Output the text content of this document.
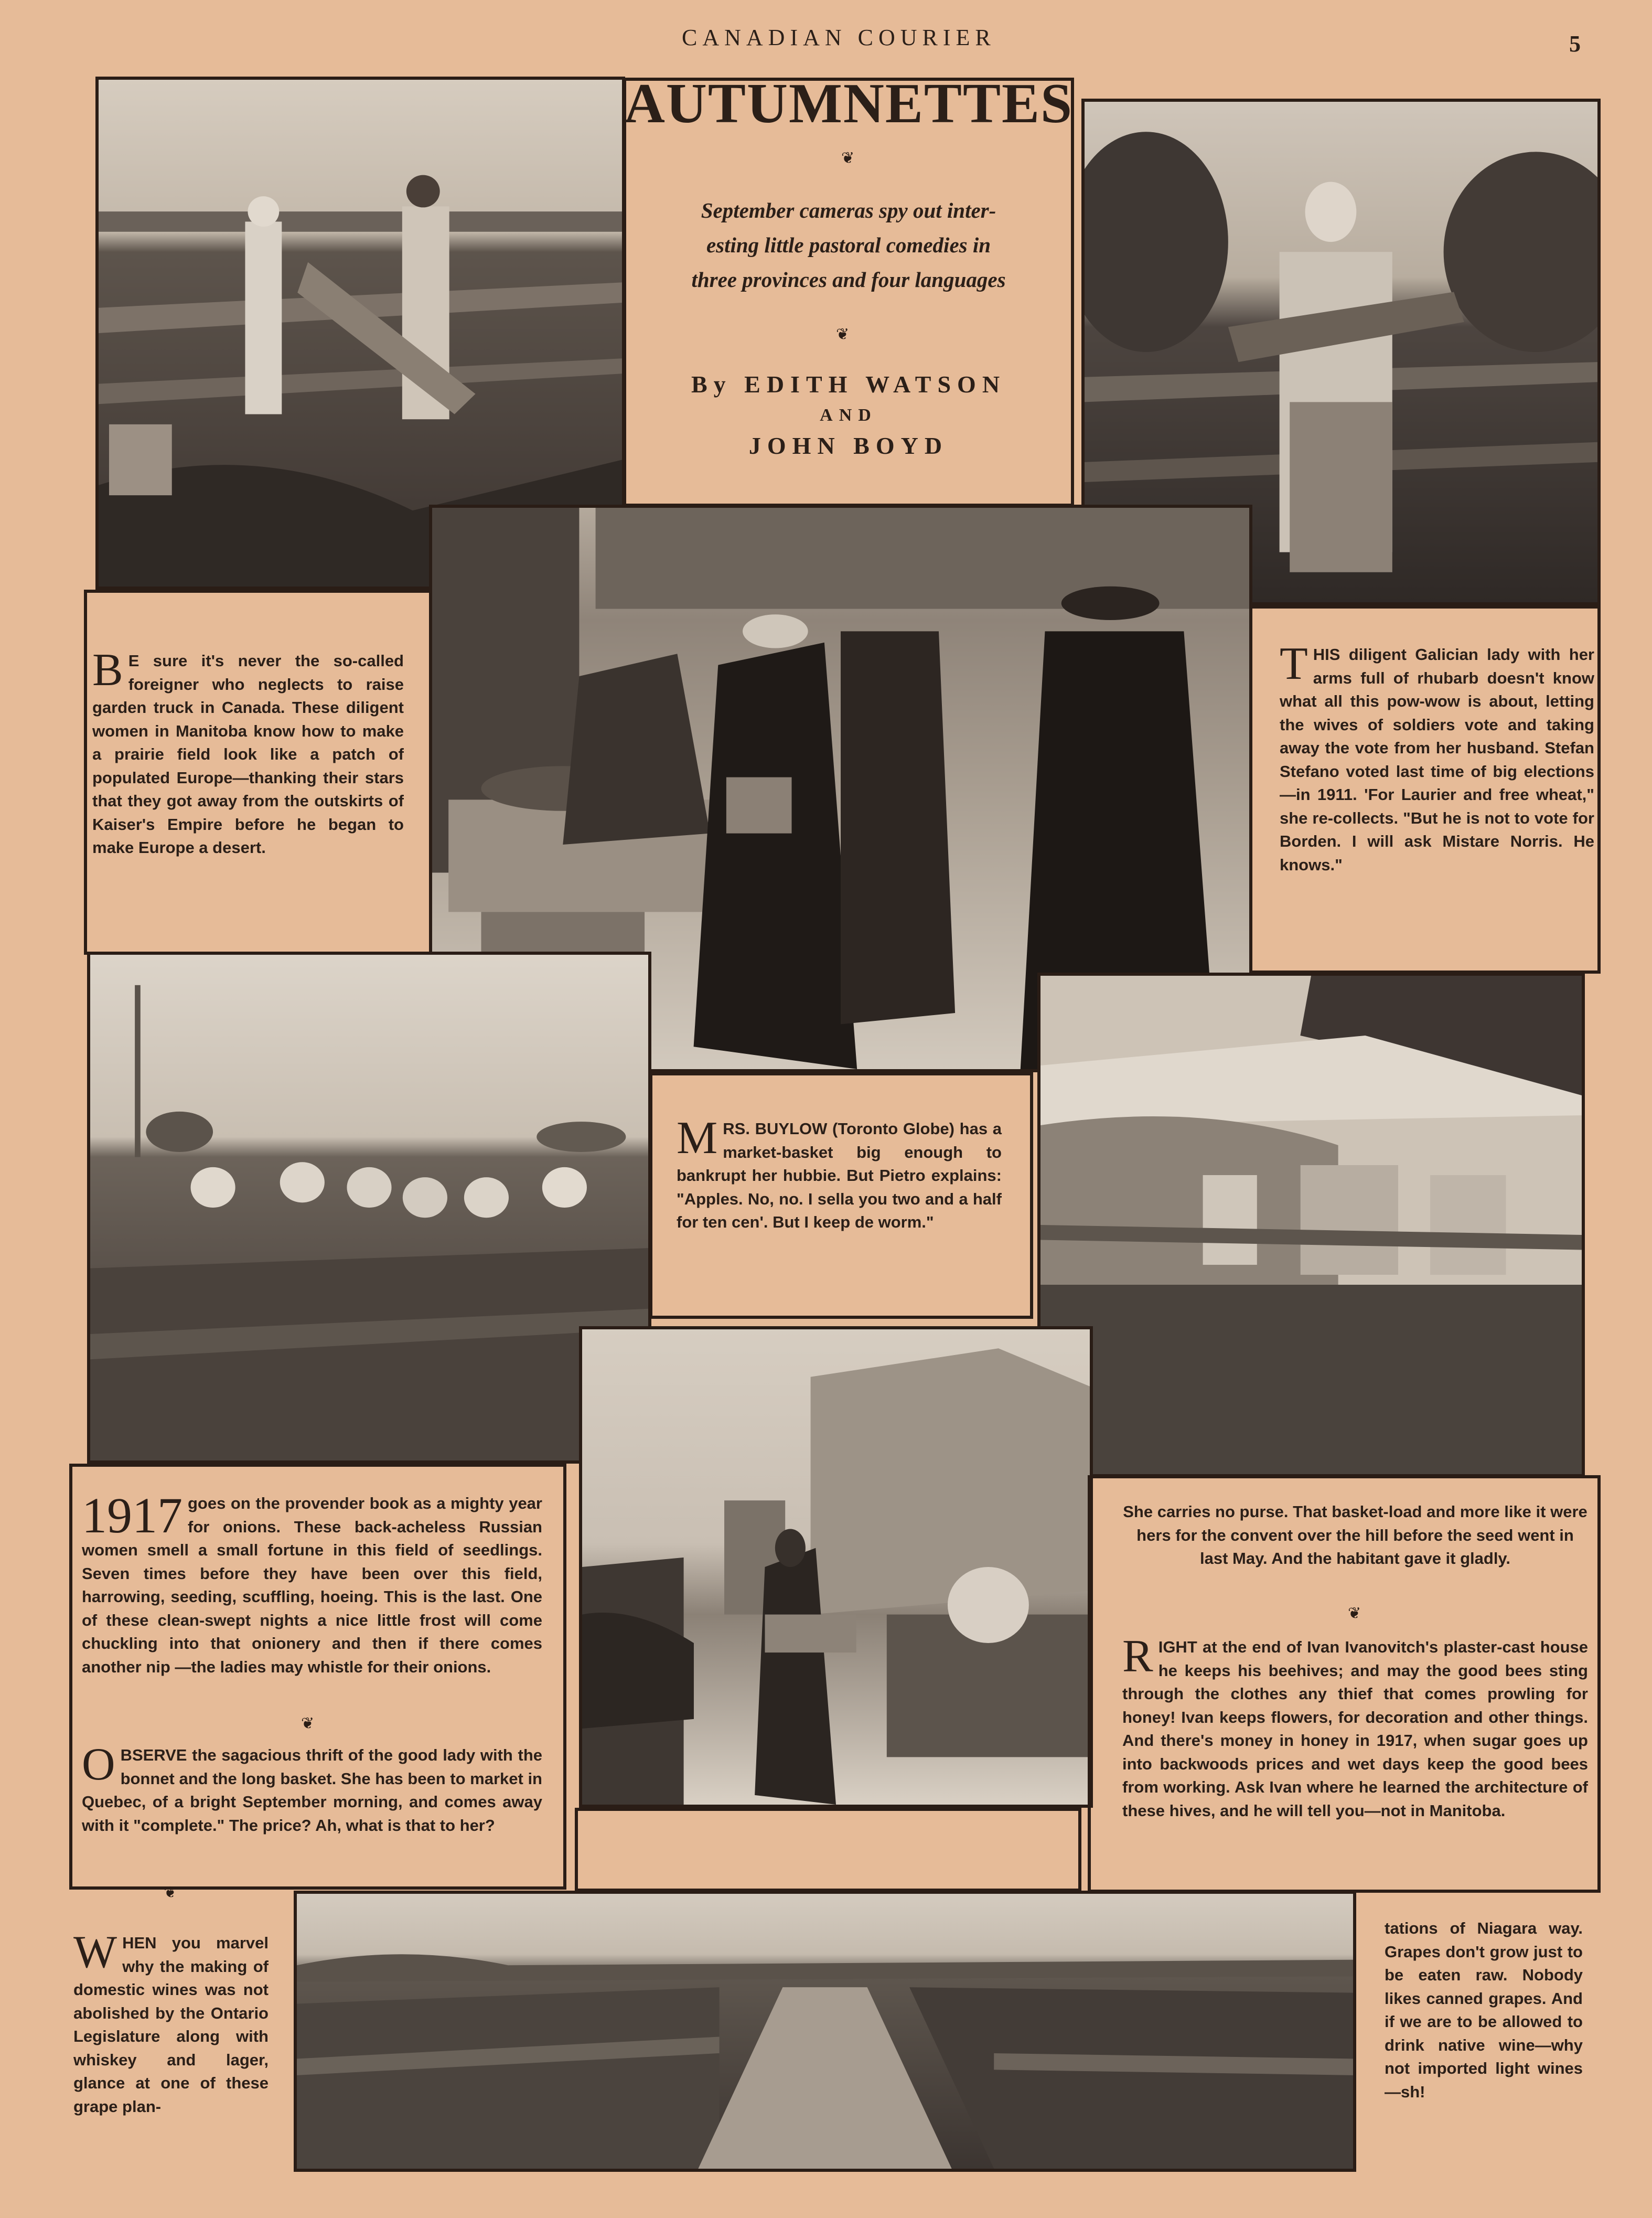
CANADIAN COURIER	5
AUTUMNETTES
❦
September cameras spy out inter-
esting little pastoral comedies in
three provinces and four languages
❦
By EDITH WATSON
AND
JOHN BOYD
B E sure it's never the so-called foreigner who neglects to raise garden truck in Canada. These diligent women in Manitoba know how to make a prairie field look like a patch of populated Europe—thanking their stars that they got away from the outskirts of Kaiser's Empire before he began to make Europe a desert.
THIS diligent Galician lady with her arms full of rhubarb doesn't know what all this pow-wow is about, letting the wives of soldiers vote and taking away the vote from her husband. Stefan Stefano voted last time of big elections—in 1911. 'For Laurier and free wheat," she re-collects. "But he is not to vote for Borden. I will ask Mistare Norris. He knows."
MRS. BUYLOW (Toronto Globe) has a market-basket big enough to bankrupt her hubbie. But Pietro explains: "Apples. No, no. I sella you two and a half for ten cen'. But I keep de worm."
1917 goes on the provender book as a mighty year for onions. These back-acheless Russian women smell a small fortune in this field of seedlings. Seven times before they have been over this field, harrowing, seeding, scuffling, hoeing. This is the last. One of these clean-swept nights a nice little frost will come chuckling into that onionery and then if there comes another nip —the ladies may whistle for their onions.
❦
OBSERVE the sagacious thrift of the good lady with the bonnet and the long basket. She has been to market in Quebec, of a bright September morning, and comes away with it "complete." The price? Ah, what is that to her?
❦
She carries no purse. That basket-load and more like it were hers for the convent over the hill before the seed went in last May. And the habitant gave it gladly.
❦
RIGHT at the end of Ivan Ivanovitch's plaster-cast house he keeps his beehives; and may the good bees sting through the clothes any thief that comes prowling for honey! Ivan keeps flowers, for decoration and other things. And there's money in honey in 1917, when sugar goes up into backwoods prices and wet days keep the good bees from working. Ask Ivan where he learned the architecture of these hives, and he will tell you—not in Manitoba.
WHEN you marvel why the making of domestic wines was not abolished by the Ontario Legislature along with whiskey and lager, glance at one of these grape plan-
tations of Niagara way. Grapes don't grow just to be eaten raw. Nobody likes canned grapes. And if we are to be allowed to drink native wine—why not imported light wines—sh!
